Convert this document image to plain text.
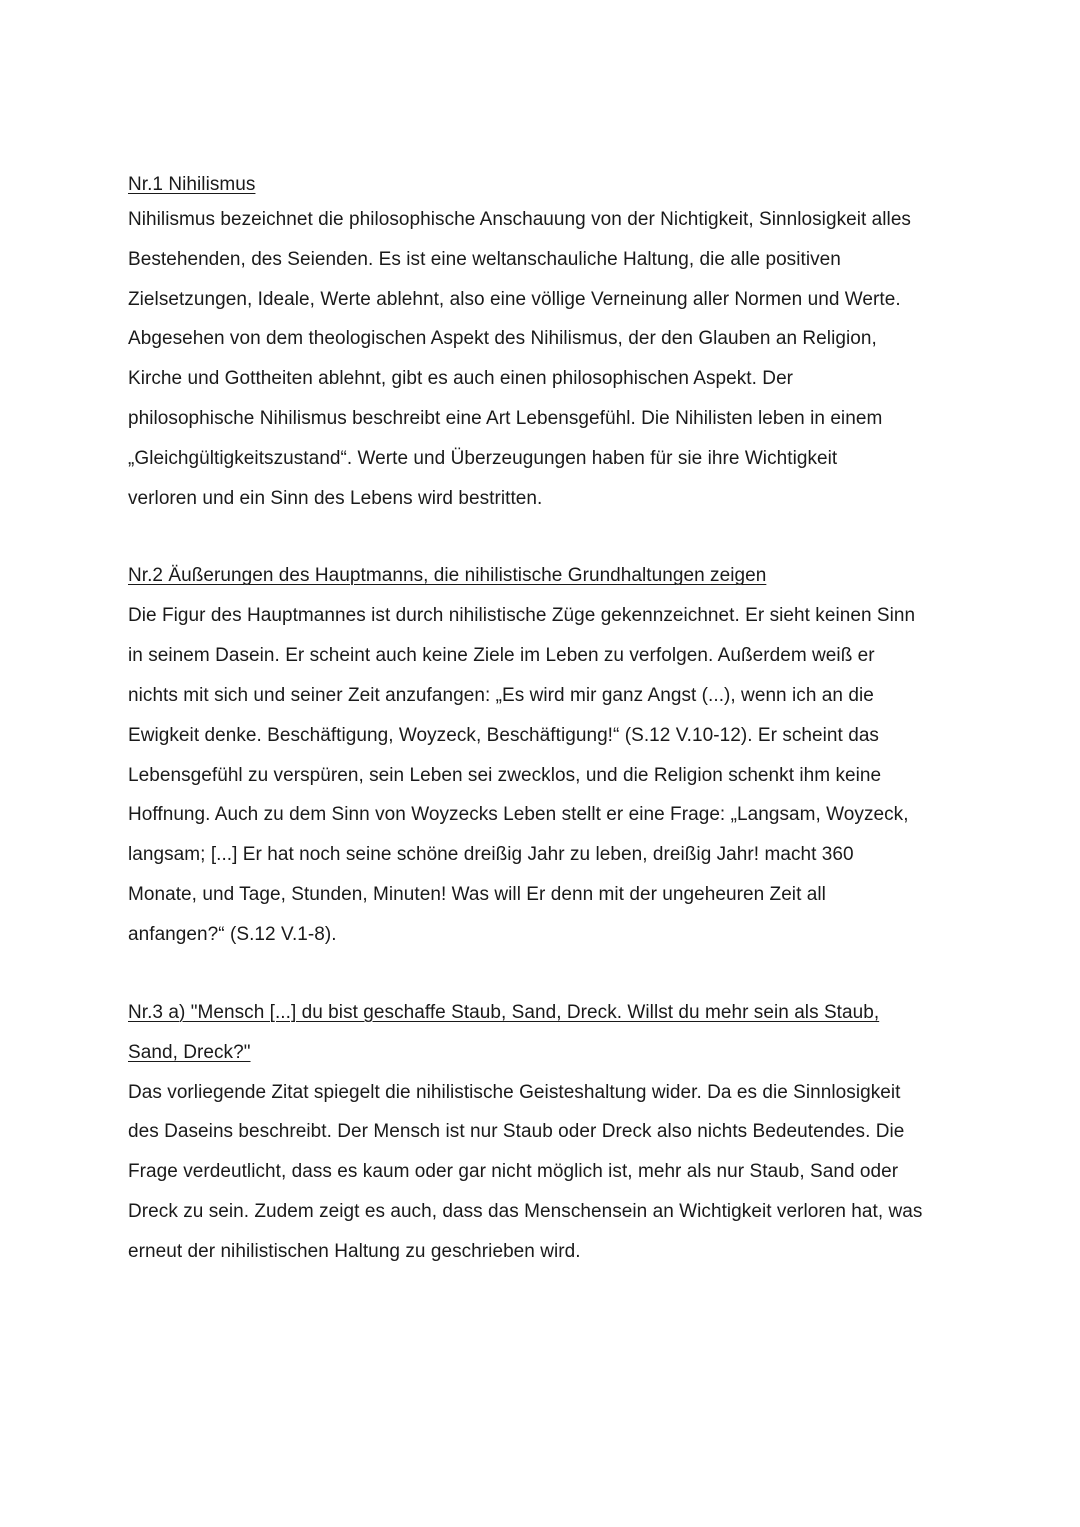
Nr.1 Nihilismus
Nihilismus bezeichnet die philosophische Anschauung von der Nichtigkeit, Sinnlosigkeit alles
Bestehenden, des Seienden. Es ist eine weltanschauliche Haltung, die alle positiven
Zielsetzungen, Ideale, Werte ablehnt, also eine völlige Verneinung aller Normen und Werte.
Abgesehen von dem theologischen Aspekt des Nihilismus, der den Glauben an Religion,
Kirche und Gottheiten ablehnt, gibt es auch einen philosophischen Aspekt. Der
philosophische Nihilismus beschreibt eine Art Lebensgefühl. Die Nihilisten leben in einem
„Gleichgültigkeitszustand“. Werte und Überzeugungen haben für sie ihre Wichtigkeit
verloren und ein Sinn des Lebens wird bestritten.
Nr.2 Äußerungen des Hauptmanns, die nihilistische Grundhaltungen zeigen
Die Figur des Hauptmannes ist durch nihilistische Züge gekennzeichnet. Er sieht keinen Sinn
in seinem Dasein. Er scheint auch keine Ziele im Leben zu verfolgen. Außerdem weiß er
nichts mit sich und seiner Zeit anzufangen: „Es wird mir ganz Angst (...), wenn ich an die
Ewigkeit denke. Beschäftigung, Woyzeck, Beschäftigung!“ (S.12 V.10-12). Er scheint das
Lebensgefühl zu verspüren, sein Leben sei zwecklos, und die Religion schenkt ihm keine
Hoffnung. Auch zu dem Sinn von Woyzecks Leben stellt er eine Frage: „Langsam, Woyzeck,
langsam; [...] Er hat noch seine schöne dreißig Jahr zu leben, dreißig Jahr! macht 360
Monate, und Tage, Stunden, Minuten! Was will Er denn mit der ungeheuren Zeit all
anfangen?“ (S.12 V.1-8).
Nr.3 a) "Mensch [...] du bist geschaffe Staub, Sand, Dreck. Willst du mehr sein als Staub,
Sand, Dreck?"
Das vorliegende Zitat spiegelt die nihilistische Geisteshaltung wider. Da es die Sinnlosigkeit
des Daseins beschreibt. Der Mensch ist nur Staub oder Dreck also nichts Bedeutendes. Die
Frage verdeutlicht, dass es kaum oder gar nicht möglich ist, mehr als nur Staub, Sand oder
Dreck zu sein. Zudem zeigt es auch, dass das Menschensein an Wichtigkeit verloren hat, was
erneut der nihilistischen Haltung zu geschrieben wird.
